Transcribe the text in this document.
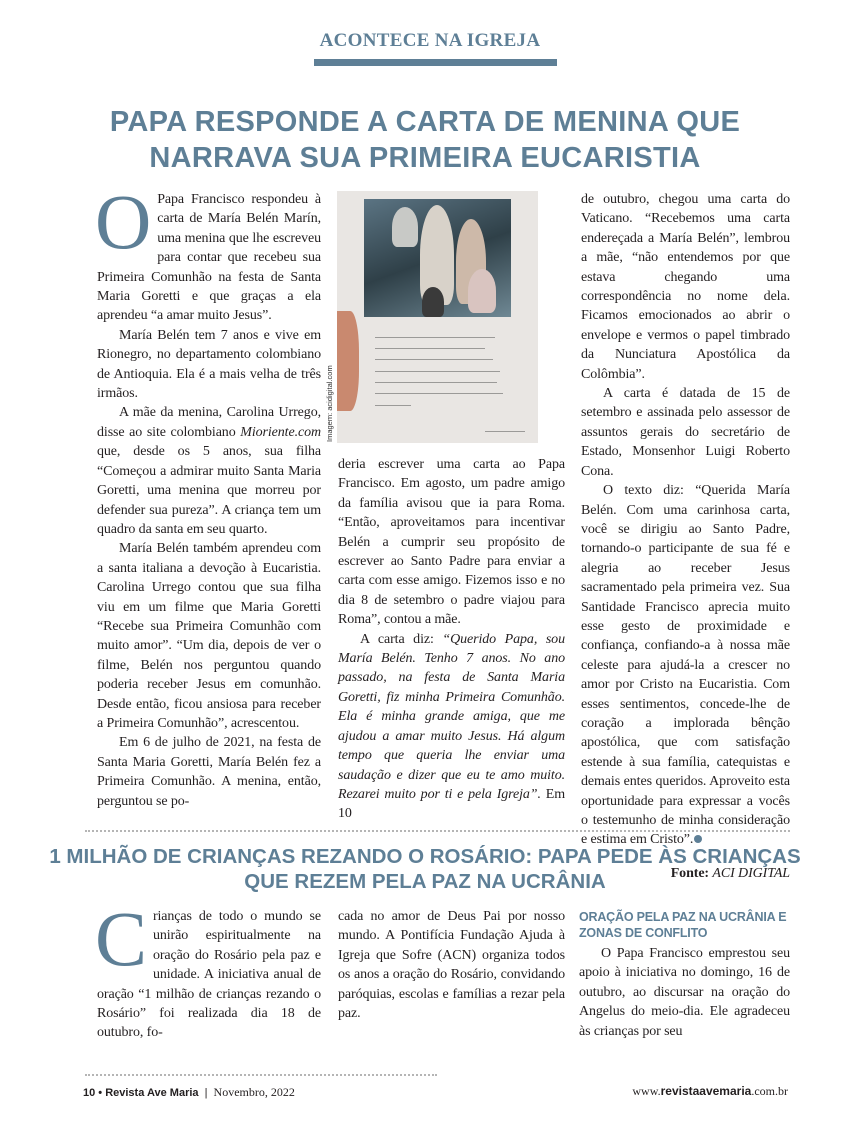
ACONTECE NA IGREJA
PAPA RESPONDE A CARTA DE MENINA QUE NARRAVA SUA PRIMEIRA EUCARISTIA

O Papa Francisco respondeu à carta de María Belén Marín, uma menina que lhe escreveu para contar que recebeu sua Primeira Comunhão na festa de Santa Maria Goretti e que graças a ela aprendeu “a amar muito Jesus”.

María Belén tem 7 anos e vive em Rionegro, no departamento colombiano de Antioquia. Ela é a mais velha de três irmãos.

A mãe da menina, Carolina Urrego, disse ao site colombiano Mioriente.com que, desde os 5 anos, sua filha “Começou a admirar muito Santa Maria Goretti, uma menina que morreu por defender sua pureza”. A criança tem um quadro da santa em seu quarto.

María Belén também aprendeu com a santa italiana a devoção à Eucaristia. Carolina Urrego contou que sua filha viu em um filme que Maria Goretti “Recebe sua Primeira Comunhão com muito amor”. “Um dia, depois de ver o filme, Belén nos perguntou quando poderia receber Jesus em comunhão. Desde então, ficou ansiosa para receber a Primeira Comunhão”, acrescentou.

Em 6 de julho de 2021, na festa de Santa Maria Goretti, María Belén fez a Primeira Comunhão. A menina, então, perguntou se po-

Imagem: acidigital.com

deria escrever uma carta ao Papa Francisco. Em agosto, um padre amigo da família avisou que ia para Roma. “Então, aproveitamos para incentivar Belén a cumprir seu propósito de escrever ao Santo Padre para enviar a carta com esse amigo. Fizemos isso e no dia 8 de setembro o padre viajou para Roma”, contou a mãe.

A carta diz: “Querido Papa, sou María Belén. Tenho 7 anos. No ano passado, na festa de Santa Maria Goretti, fiz minha Primeira Comunhão. Ela é minha grande amiga, que me ajudou a amar muito Jesus. Há algum tempo que queria lhe enviar uma saudação e dizer que eu te amo muito. Rezarei muito por ti e pela Igreja”. Em 10

de outubro, chegou uma carta do Vaticano. “Recebemos uma carta endereçada a María Belén”, lembrou a mãe, “não entendemos por que estava chegando uma correspondência no nome dela. Ficamos emocionados ao abrir o envelope e vermos o papel timbrado da Nunciatura Apostólica da Colômbia”.

A carta é datada de 15 de setembro e assinada pelo assessor de assuntos gerais do secretário de Estado, Monsenhor Luigi Roberto Cona.

O texto diz: “Querida María Belén. Com uma carinhosa carta, você se dirigiu ao Santo Padre, tornando-o participante de sua fé e alegria ao receber Jesus sacramentado pela primeira vez. Sua Santidade Francisco aprecia muito esse gesto de proximidade e confiança, confiando-a à nossa mãe celeste para ajudá-la a crescer no amor por Cristo na Eucaristia. Com esses sentimentos, concede-lhe de coração a implorada bênção apostólica, que com satisfação estende à sua família, catequistas e demais entes queridos. Aproveito esta oportunidade para expressar a vocês o testemunho de minha consideração e estima em Cristo”.

Fonte: ACI DIGITAL
1 MILHÃO DE CRIANÇAS REZANDO O ROSÁRIO: PAPA PEDE ÀS CRIANÇAS QUE REZEM PELA PAZ NA UCRÂNIA

Crianças de todo o mundo se unirão espiritualmente na oração do Rosário pela paz e unidade. A iniciativa anual de oração “1 milhão de crianças rezando o Rosário” foi realizada dia 18 de outubro, fo-

cada no amor de Deus Pai por nosso mundo. A Pontifícia Fundação Ajuda à Igreja que Sofre (ACN) organiza todos os anos a oração do Rosário, convidando paróquias, escolas e famílias a rezar pela paz.

ORAÇÃO PELA PAZ NA UCRÂNIA E ZONAS DE CONFLITO

O Papa Francisco emprestou seu apoio à iniciativa no domingo, 16 de outubro, ao discursar na oração do Angelus do meio-dia. Ele agradeceu às crianças por seu

10 • Revista Ave Maria | Novembro, 2022	www.revistaavemaria.com.br
